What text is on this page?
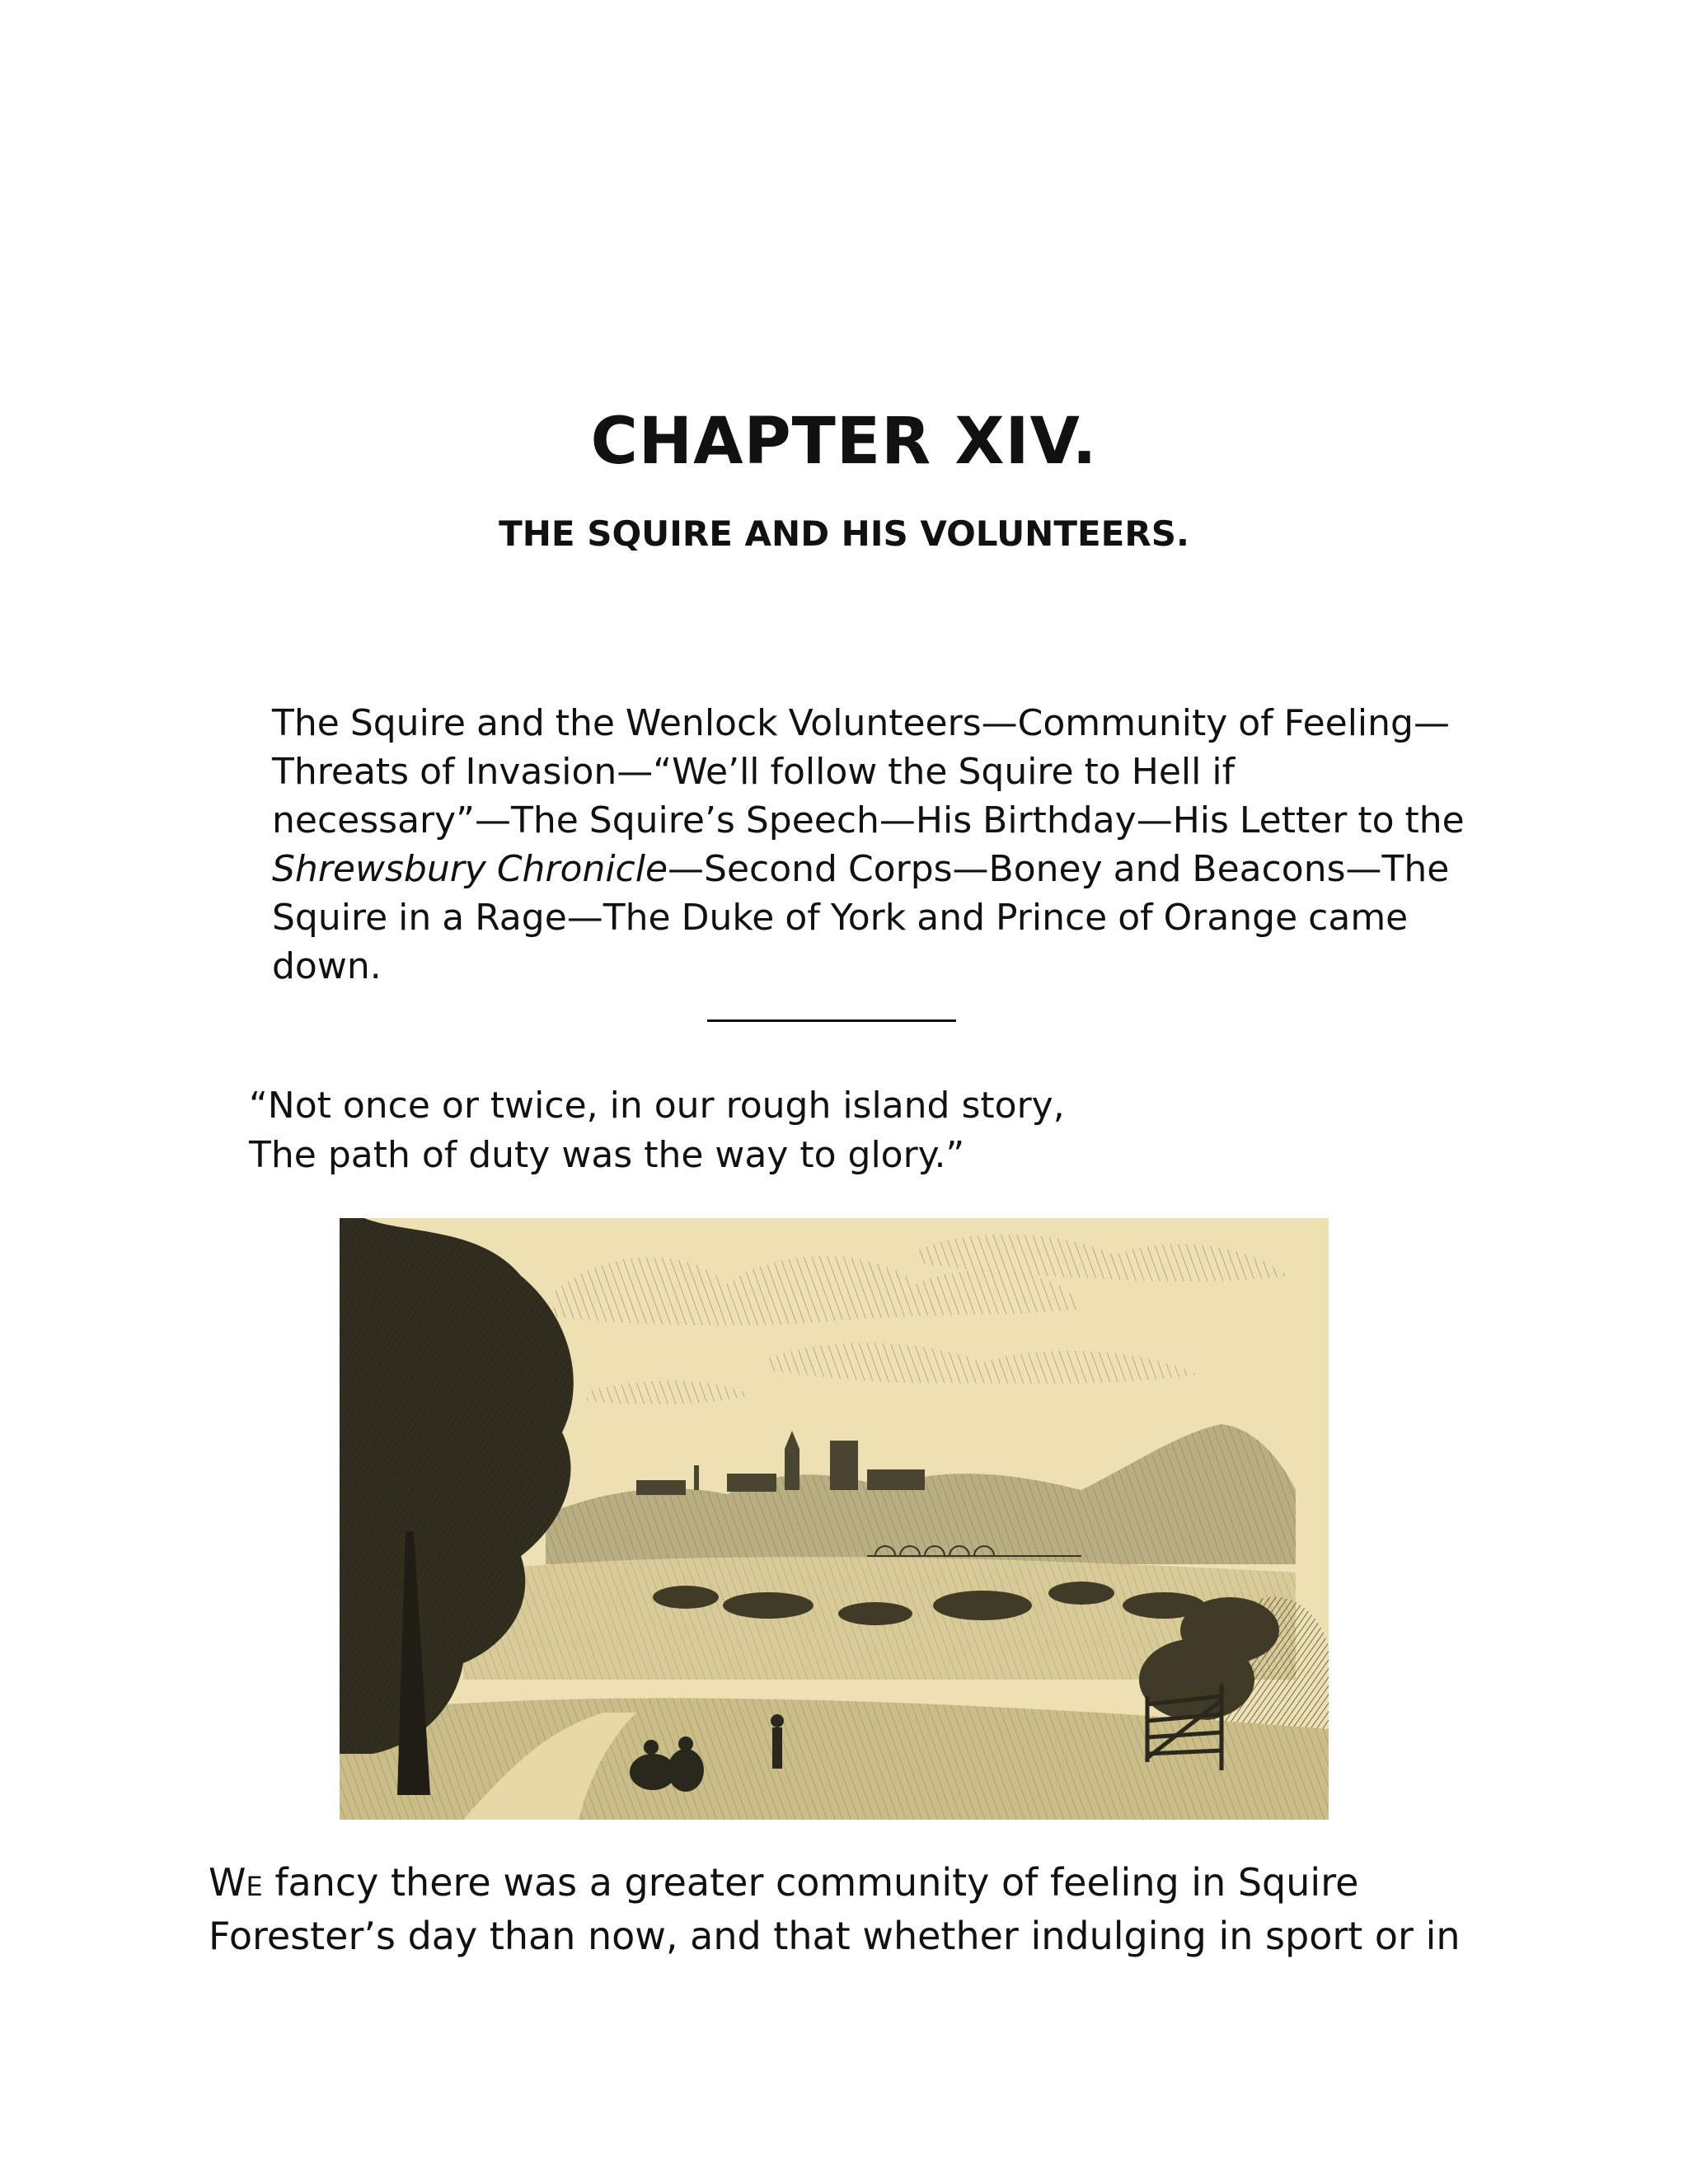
CHAPTER XIV.
THE SQUIRE AND HIS VOLUNTEERS.

The Squire and the Wenlock Volunteers—Community of Feeling—
Threats of Invasion—“We’ll follow the Squire to Hell if
necessary”—The Squire’s Speech—His Birthday—His Letter to the
Shrewsbury Chronicle—Second Corps—Boney and Beacons—The
Squire in a Rage—The Duke of York and Prince of Orange came
down.

“Not once or twice, in our rough island story,
The path of duty was the way to glory.”

WE fancy there was a greater community of feeling in Squire
Forester’s day than now, and that whether indulging in sport or in
